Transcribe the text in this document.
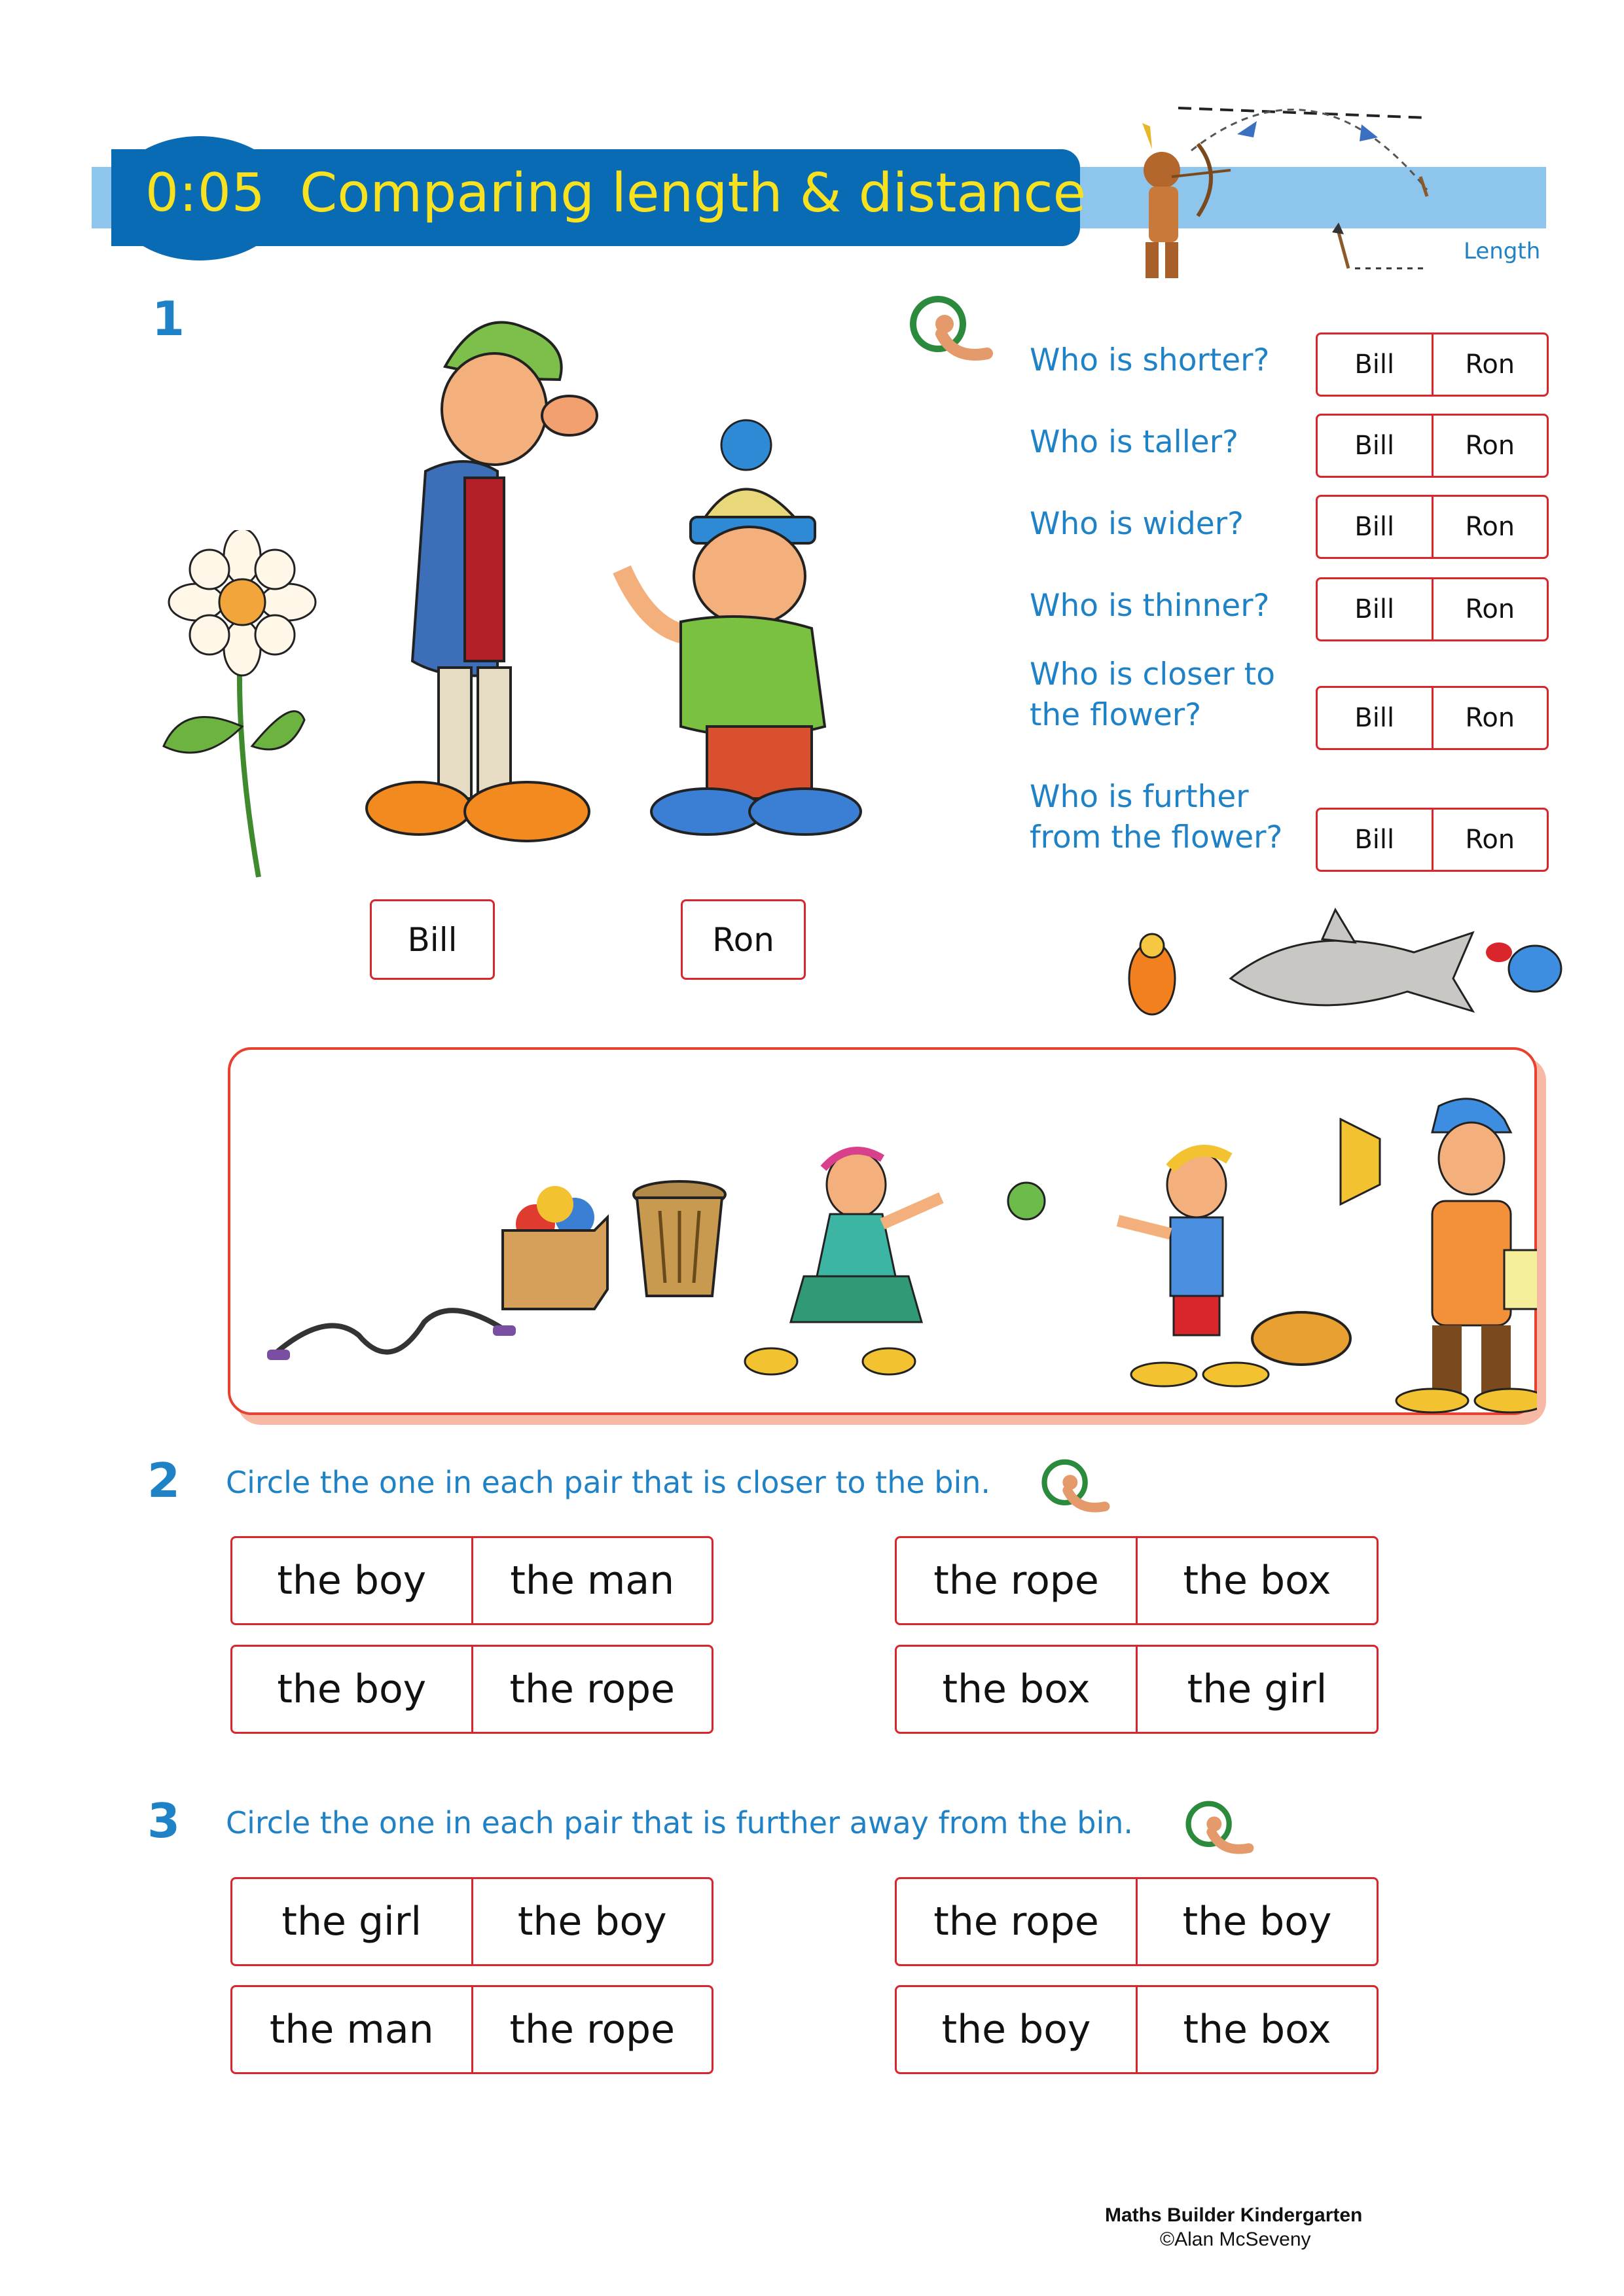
0:05 Comparing length & distance
Length
1
Bill	Ron
Who is shorter?	Bill	Ron
Who is taller?	Bill	Ron
Who is wider?	Bill	Ron
Who is thinner?	Bill	Ron
Who is closer to
the flower?	Bill	Ron
Who is further
from the flower?	Bill	Ron
2 Circle the one in each pair that is closer to the bin.
the boy	the man	the rope	the box
the boy	the rope	the box	the girl
3 Circle the one in each pair that is further away from the bin.
the girl	the boy	the rope	the boy
the man	the rope	the boy	the box
Maths Builder Kindergarten
©Alan McSeveny
